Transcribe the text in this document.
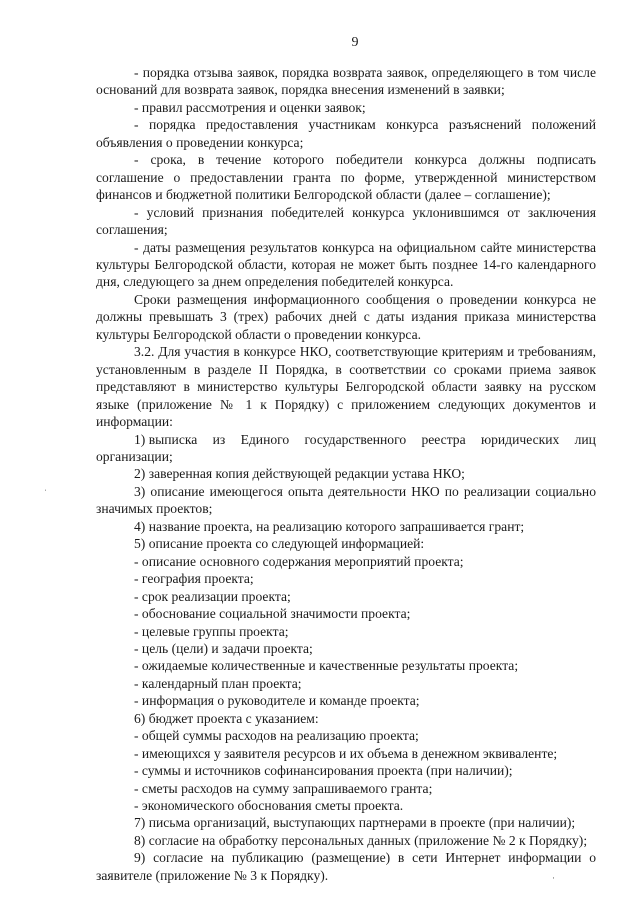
9

- порядка отзыва заявок, порядка возврата заявок, определяющего в том числе оснований для возврата заявок, порядка внесения изменений в заявки;

- правил рассмотрения и оценки заявок;

- порядка предоставления участникам конкурса разъяснений положений объявления о проведении конкурса;

- срока, в течение которого победители конкурса должны подписать соглашение о предоставлении гранта по форме, утвержденной министерством финансов и бюджетной политики Белгородской области (далее – соглашение);

- условий признания победителей конкурса уклонившимся от заключения соглашения;

- даты размещения результатов конкурса на официальном сайте министерства культуры Белгородской области, которая не может быть позднее 14-го календарного дня, следующего за днем определения победителей конкурса.

Сроки размещения информационного сообщения о проведении конкурса не должны превышать 3 (трех) рабочих дней с даты издания приказа министерства культуры Белгородской области о проведении конкурса.

3.2. Для участия в конкурсе НКО, соответствующие критериям и требованиям, установленным в разделе II Порядка, в соответствии со сроками приема заявок представляют в министерство культуры Белгородской области заявку на русском языке (приложение № 1 к Порядку) с приложением следующих документов и информации:

1) выписка из Единого государственного реестра юридических лиц

организации;

2) заверенная копия действующей редакции устава НКО;

3) описание имеющегося опыта деятельности НКО по реализации социально значимых проектов;

4) название проекта, на реализацию которого запрашивается грант;

5) описание проекта со следующей информацией:

- описание основного содержания мероприятий проекта;

- география проекта;

- срок реализации проекта;

- обоснование социальной значимости проекта;

- целевые группы проекта;

- цель (цели) и задачи проекта;

- ожидаемые количественные и качественные результаты проекта;

- календарный план проекта;

- информация о руководителе и команде проекта;

6) бюджет проекта с указанием:

- общей суммы расходов на реализацию проекта;

- имеющихся у заявителя ресурсов и их объема в денежном эквиваленте;

- суммы и источников софинансирования проекта (при наличии);

- сметы расходов на сумму запрашиваемого гранта;

- экономического обоснования сметы проекта.

7) письма организаций, выступающих партнерами в проекте (при наличии);

8) согласие на обработку персональных данных (приложение № 2 к Порядку);

9) согласие на публикацию (размещение) в сети Интернет информации о заявителе (приложение № 3 к Порядку).

ˌ
·
